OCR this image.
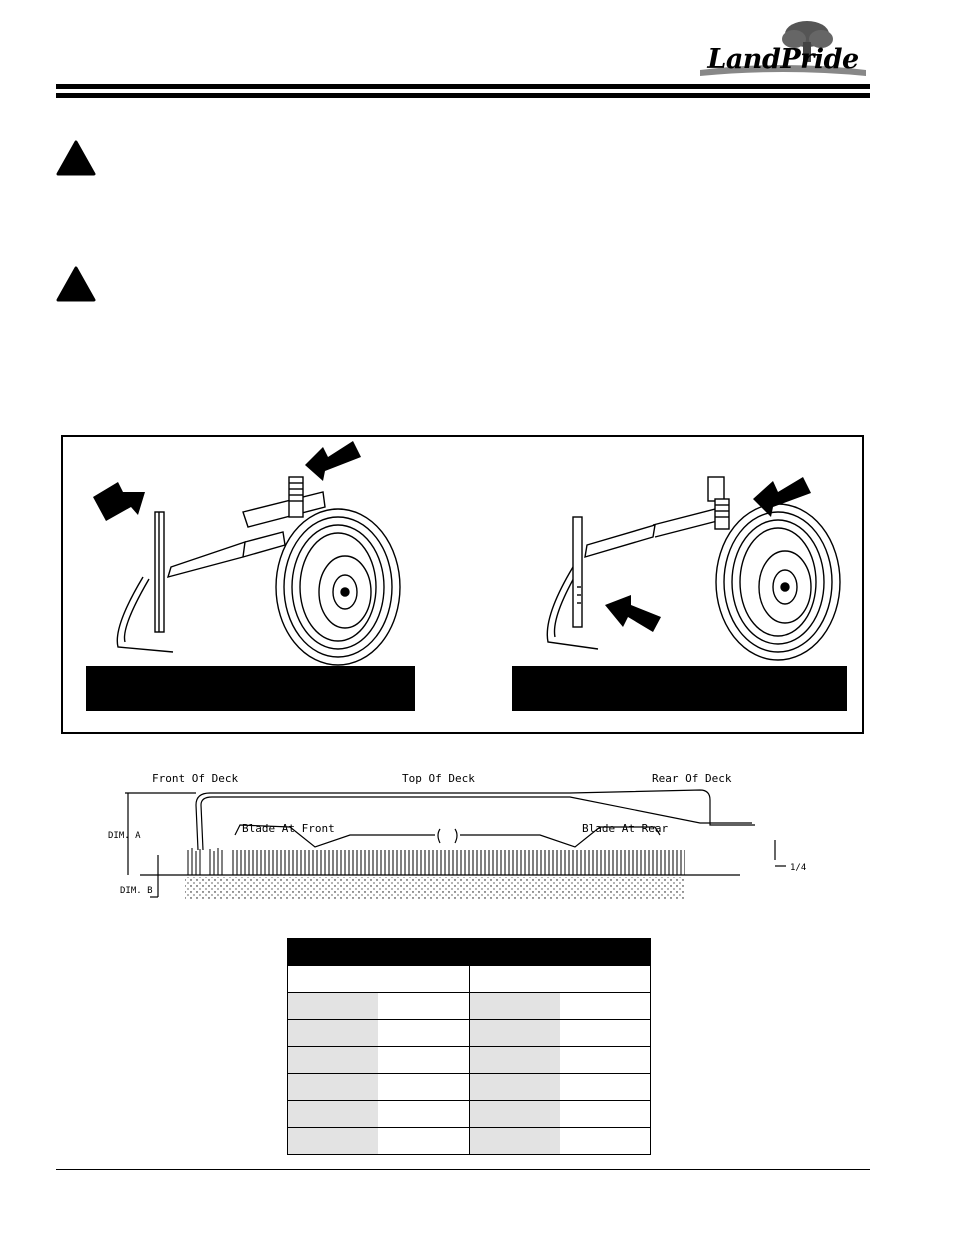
LandPride
Front Of Deck	Top Of Deck	Rear Of Deck
Blade At Front	Blade At Rear
DIM. A
DIM. B
1/4
